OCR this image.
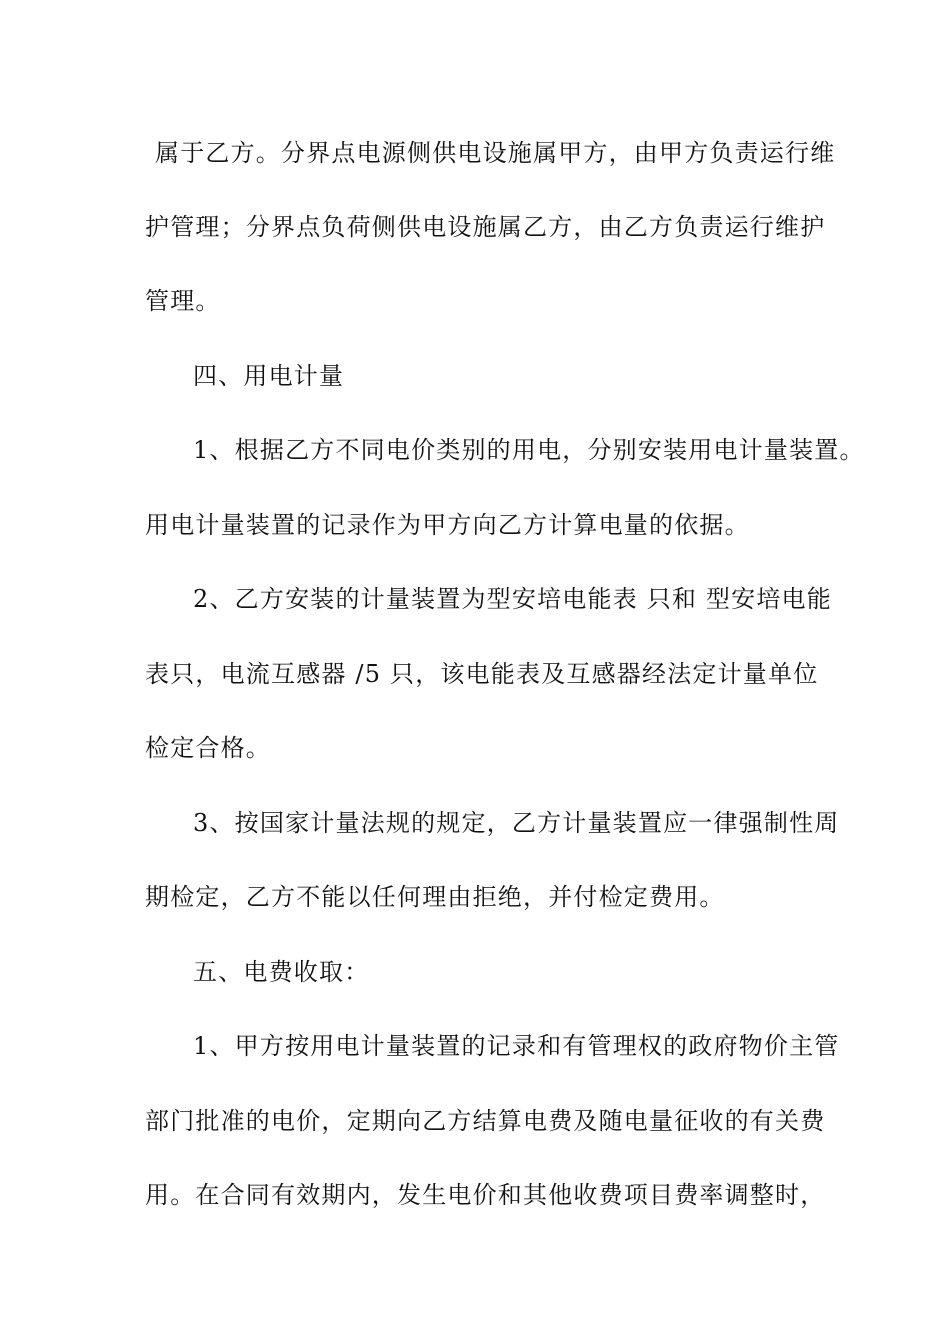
属于乙方。分界点电源侧供电设施属甲方，由甲方负责运行维
护管理；分界点负荷侧供电设施属乙方，由乙方负责运行维护
管理。
四、用电计量
1、根据乙方不同电价类别的用电，分别安装用电计量装置。
用电计量装置的记录作为甲方向乙方计算电量的依据。
2、乙方安装的计量装置为型安培电能表 只和 型安培电能
表只，电流互感器 /5 只，该电能表及互感器经法定计量单位
检定合格。
3、按国家计量法规的规定，乙方计量装置应一律强制性周
期检定，乙方不能以任何理由拒绝，并付检定费用。
五、电费收取：
1、甲方按用电计量装置的记录和有管理权的政府物价主管
部门批准的电价，定期向乙方结算电费及随电量征收的有关费
用。在合同有效期内，发生电价和其他收费项目费率调整时，
